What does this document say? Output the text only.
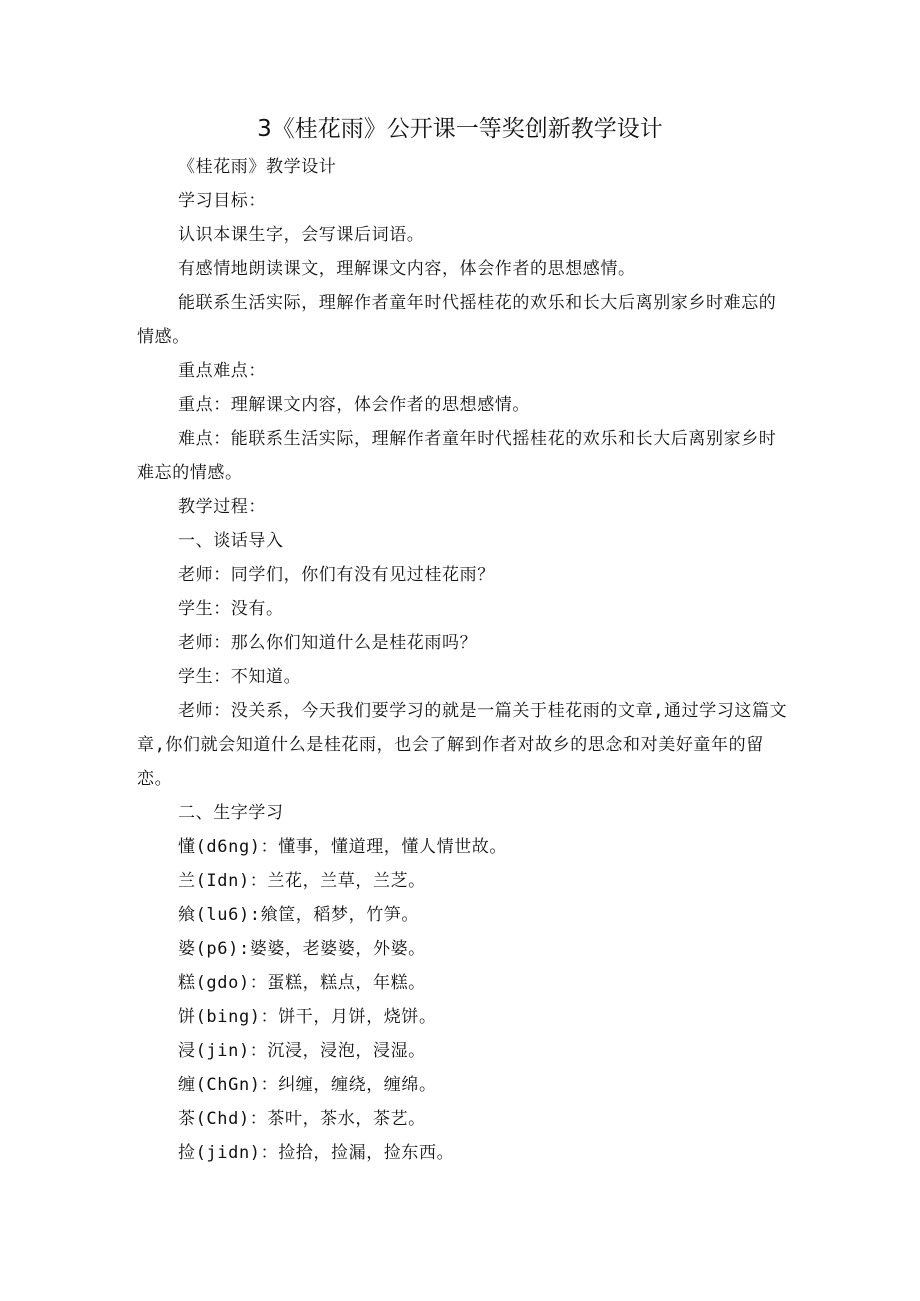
3《桂花雨》公开课一等奖创新教学设计

《桂花雨》教学设计

学习目标：

认识本课生字，会写课后词语。

有感情地朗读课文，理解课文内容，体会作者的思想感情。

能联系生活实际，理解作者童年时代摇桂花的欢乐和长大后离别家乡时难忘的情感。

重点难点：

重点：理解课文内容，体会作者的思想感情。

难点：能联系生活实际，理解作者童年时代摇桂花的欢乐和长大后离别家乡时难忘的情感。

教学过程：

一、谈话导入

老师：同学们，你们有没有见过桂花雨？

学生：没有。

老师：那么你们知道什么是桂花雨吗？

学生：不知道。

老师：没关系，今天我们要学习的就是一篇关于桂花雨的文章,通过学习这篇文章,你们就会知道什么是桂花雨，也会了解到作者对故乡的思念和对美好童年的留恋。

二、生字学习

懂(d6ng)：懂事，懂道理，懂人情世故。

兰(Idn)：兰花，兰草，兰芝。

飨(lu6):飨筐，稻梦，竹笋。

婆(p6):婆婆，老婆婆，外婆。

糕(gdo)：蛋糕，糕点，年糕。

饼(bing)：饼干，月饼，烧饼。

浸(jin)：沉浸，浸泡，浸湿。

缠(ChGn)：纠缠，缠绕，缠绵。

茶(Chd)：茶叶，茶水，茶艺。

捡(jidn)：捡拾，捡漏，捡东西。
